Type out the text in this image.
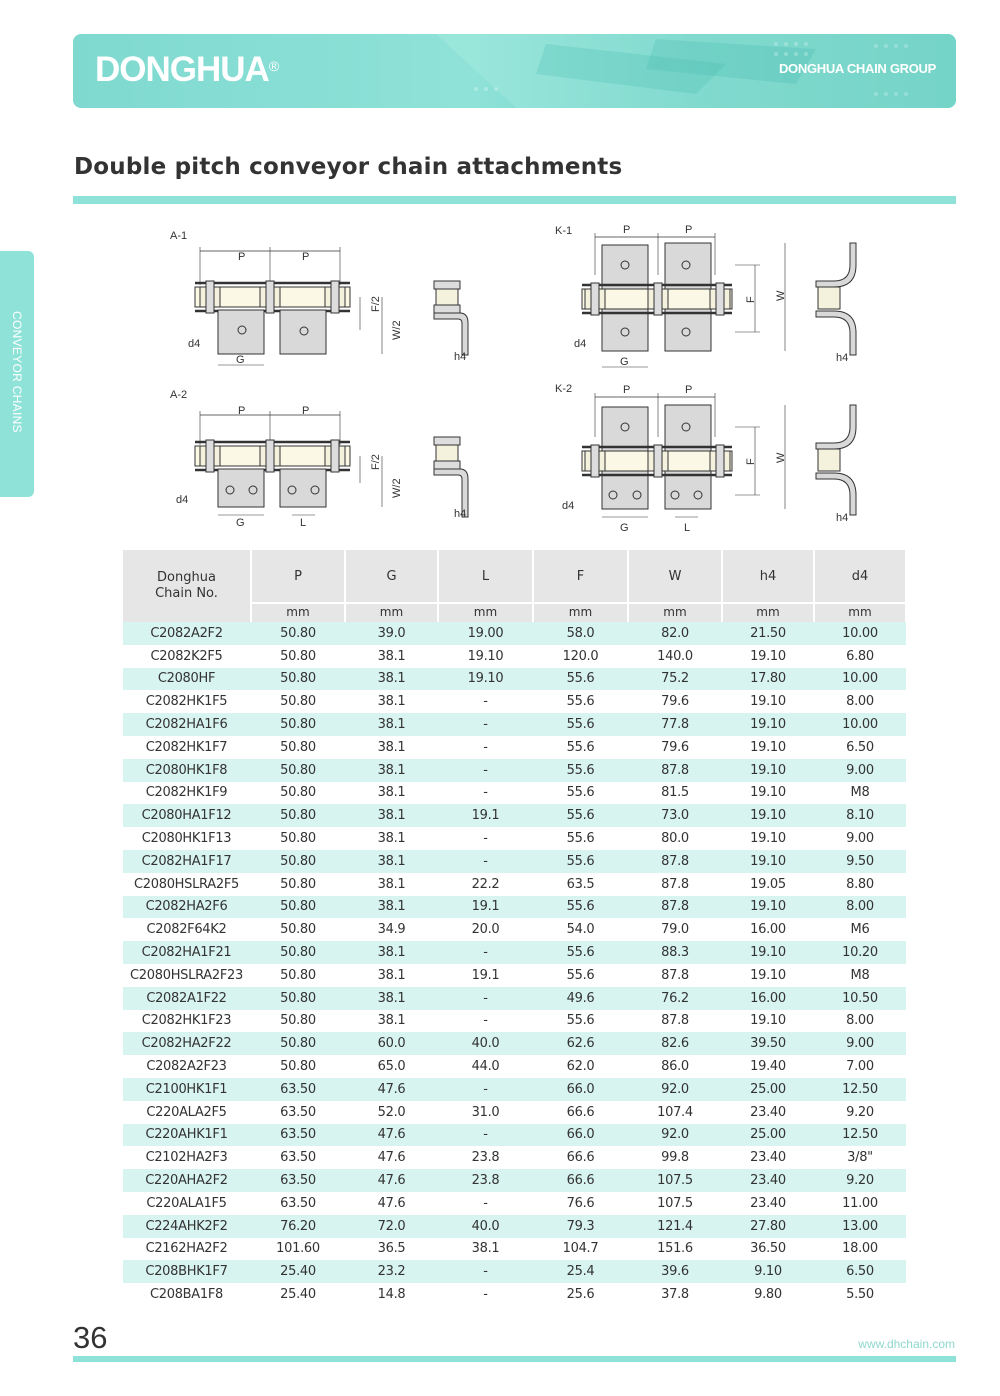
DONGHUA®	DONGHUA CHAIN GROUP
CONVEYOR CHAINS
Double pitch conveyor chain attachments
A-1
P	P
F/2
W/2
d4
G	h4
A-2
P	P
F/2
W/2
d4
G	L
h4
K-1	P	P
F W
d4
G	h4
K-2	P	P
F W
d4
G	L
h4
Donghua
Chain No.	P	G	L	F	W	h4	d4
	mm	mm	mm	mm	mm	mm	mm
C2082A2F2	50.80	39.0	19.00	58.0	82.0	21.50	10.00
C2082K2F5	50.80	38.1	19.10	120.0	140.0	19.10	6.80
C2080HF	50.80	38.1	19.10	55.6	75.2	17.80	10.00
C2082HK1F5	50.80	38.1	-	55.6	79.6	19.10	8.00
C2082HA1F6	50.80	38.1	-	55.6	77.8	19.10	10.00
C2082HK1F7	50.80	38.1	-	55.6	79.6	19.10	6.50
C2080HK1F8	50.80	38.1	-	55.6	87.8	19.10	9.00
C2082HK1F9	50.80	38.1	-	55.6	81.5	19.10	M8
C2080HA1F12	50.80	38.1	19.1	55.6	73.0	19.10	8.10
C2080HK1F13	50.80	38.1	-	55.6	80.0	19.10	9.00
C2082HA1F17	50.80	38.1	-	55.6	87.8	19.10	9.50
C2080HSLRA2F5	50.80	38.1	22.2	63.5	87.8	19.05	8.80
C2082HA2F6	50.80	38.1	19.1	55.6	87.8	19.10	8.00
C2082F64K2	50.80	34.9	20.0	54.0	79.0	16.00	M6
C2082HA1F21	50.80	38.1	-	55.6	88.3	19.10	10.20
C2080HSLRA2F23	50.80	38.1	19.1	55.6	87.8	19.10	M8
C2082A1F22	50.80	38.1	-	49.6	76.2	16.00	10.50
C2082HK1F23	50.80	38.1	-	55.6	87.8	19.10	8.00
C2082HA2F22	50.80	60.0	40.0	62.6	82.6	39.50	9.00
C2082A2F23	50.80	65.0	44.0	62.0	86.0	19.40	7.00
C2100HK1F1	63.50	47.6	-	66.0	92.0	25.00	12.50
C220ALA2F5	63.50	52.0	31.0	66.6	107.4	23.40	9.20
C220AHK1F1	63.50	47.6	-	66.0	92.0	25.00	12.50
C2102HA2F3	63.50	47.6	23.8	66.6	99.8	23.40	3/8"
C220AHA2F2	63.50	47.6	23.8	66.6	107.5	23.40	9.20
C220ALA1F5	63.50	47.6	-	76.6	107.5	23.40	11.00
C224AHK2F2	76.20	72.0	40.0	79.3	121.4	27.80	13.00
C2162HA2F2	101.60	36.5	38.1	104.7	151.6	36.50	18.00
C208BHK1F7	25.40	23.2	-	25.4	39.6	9.10	6.50
C208BA1F8	25.40	14.8	-	25.6	37.8	9.80	5.50
36	www.dhchain.com
